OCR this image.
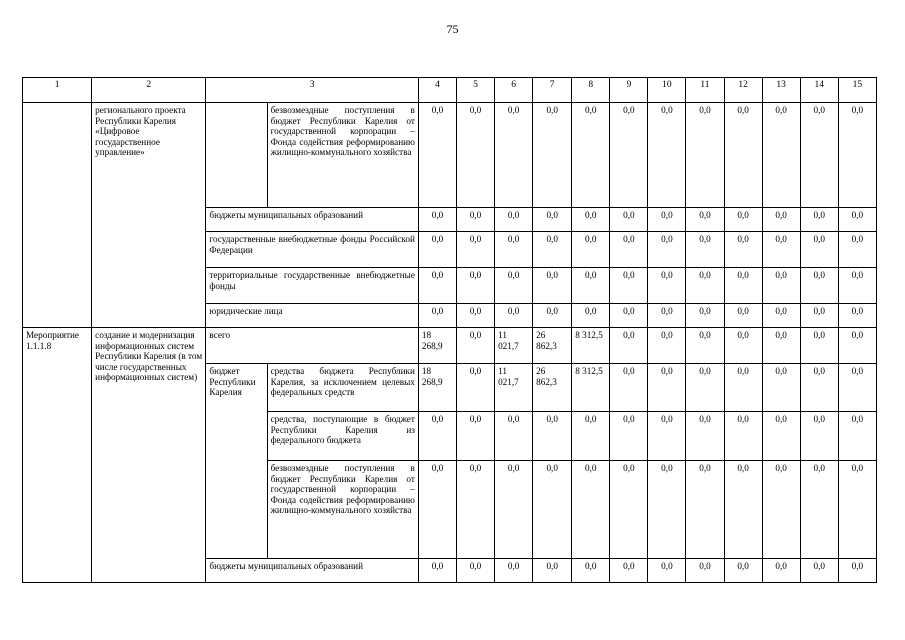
75
1	2	3		4	5	6	7	8	9	10	11	12	13	14	15
	регионального проекта Республики Карелия «Цифровое государственное управление»		безвозмездные поступления в бюджет Республики Карелия от государственной корпорации – Фонда содействия реформированию жилищно-коммунального хозяйства	0,0	0,0	0,0	0,0	0,0	0,0	0,0	0,0	0,0	0,0	0,0	0,0
		бюджеты муниципальных образований		0,0	0,0	0,0	0,0	0,0	0,0	0,0	0,0	0,0	0,0	0,0	0,0
		государственные внебюджетные фонды Российской Федерации		0,0	0,0	0,0	0,0	0,0	0,0	0,0	0,0	0,0	0,0	0,0	0,0
		территориальные государственные внебюджетные фонды		0,0	0,0	0,0	0,0	0,0	0,0	0,0	0,0	0,0	0,0	0,0	0,0
		юридические лица		0,0	0,0	0,0	0,0	0,0	0,0	0,0	0,0	0,0	0,0	0,0	0,0
Мероприятие 1.1.1.8	создание и модернизация информационных систем Республики Карелия (в том числе государственных информационных систем)	всего		18 268,9	0,0	11 021,7	26 862,3	8 312,5	0,0	0,0	0,0	0,0	0,0	0,0	0,0
		бюджет Республики Карелия	средства бюджета Республики Карелия, за исключением целевых федеральных средств	18 268,9	0,0	11 021,7	26 862,3	8 312,5	0,0	0,0	0,0	0,0	0,0	0,0	0,0
			средства, поступающие в бюджет Республики Карелия из федерального бюджета	0,0	0,0	0,0	0,0	0,0	0,0	0,0	0,0	0,0	0,0	0,0	0,0
			безвозмездные поступления в бюджет Республики Карелия от государственной корпорации – Фонда содействия реформированию жилищно-коммунального хозяйства	0,0	0,0	0,0	0,0	0,0	0,0	0,0	0,0	0,0	0,0	0,0	0,0
		бюджеты муниципальных образований		0,0	0,0	0,0	0,0	0,0	0,0	0,0	0,0	0,0	0,0	0,0	0,0
